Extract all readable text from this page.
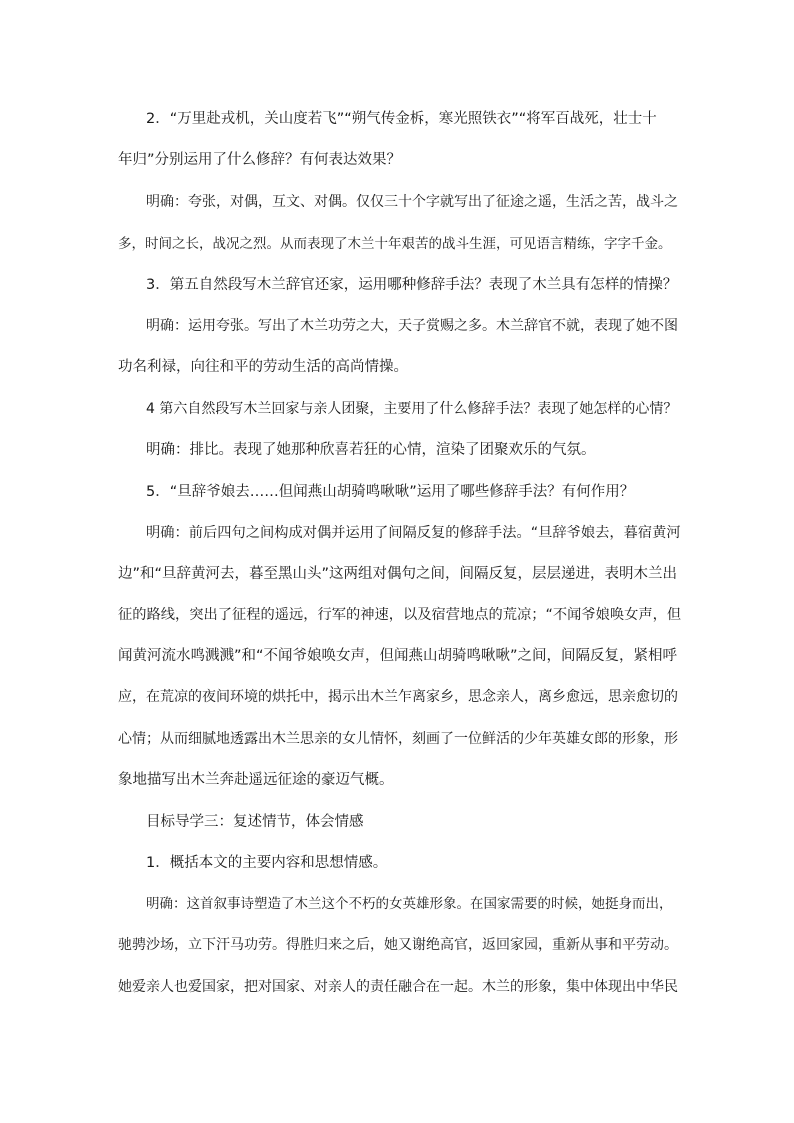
2．“万里赴戎机，关山度若飞”“朔气传金柝，寒光照铁衣”“将军百战死，壮士十
年归”分别运用了什么修辞？有何表达效果？
明确：夸张，对偶，互文、对偶。仅仅三十个字就写出了征途之遥，生活之苦，战斗之
多，时间之长，战况之烈。从而表现了木兰十年艰苦的战斗生涯，可见语言精练，字字千金。
3．第五自然段写木兰辞官还家，运用哪种修辞手法？表现了木兰具有怎样的情操？
明确：运用夸张。写出了木兰功劳之大，天子赏赐之多。木兰辞官不就，表现了她不图
功名利禄，向往和平的劳动生活的高尚情操。
4 第六自然段写木兰回家与亲人团聚，主要用了什么修辞手法？表现了她怎样的心情？
明确：排比。表现了她那种欣喜若狂的心情，渲染了团聚欢乐的气氛。
5．“旦辞爷娘去……但闻燕山胡骑鸣啾啾”运用了哪些修辞手法？有何作用？
明确：前后四句之间构成对偶并运用了间隔反复的修辞手法。“旦辞爷娘去，暮宿黄河
边”和“旦辞黄河去，暮至黑山头”这两组对偶句之间，间隔反复，层层递进，表明木兰出
征的路线，突出了征程的遥远，行军的神速，以及宿营地点的荒凉；“不闻爷娘唤女声，但
闻黄河流水鸣溅溅”和“不闻爷娘唤女声，但闻燕山胡骑鸣啾啾”之间，间隔反复，紧相呼
应，在荒凉的夜间环境的烘托中，揭示出木兰乍离家乡，思念亲人，离乡愈远，思亲愈切的
心情；从而细腻地透露出木兰思亲的女儿情怀，刻画了一位鲜活的少年英雄女郎的形象，形
象地描写出木兰奔赴遥远征途的豪迈气概。
目标导学三：复述情节，体会情感
1．概括本文的主要内容和思想情感。
明确：这首叙事诗塑造了木兰这个不朽的女英雄形象。在国家需要的时候，她挺身而出，
驰骋沙场，立下汗马功劳。得胜归来之后，她又谢绝高官，返回家园，重新从事和平劳动。
她爱亲人也爱国家，把对国家、对亲人的责任融合在一起。木兰的形象，集中体现出中华民
